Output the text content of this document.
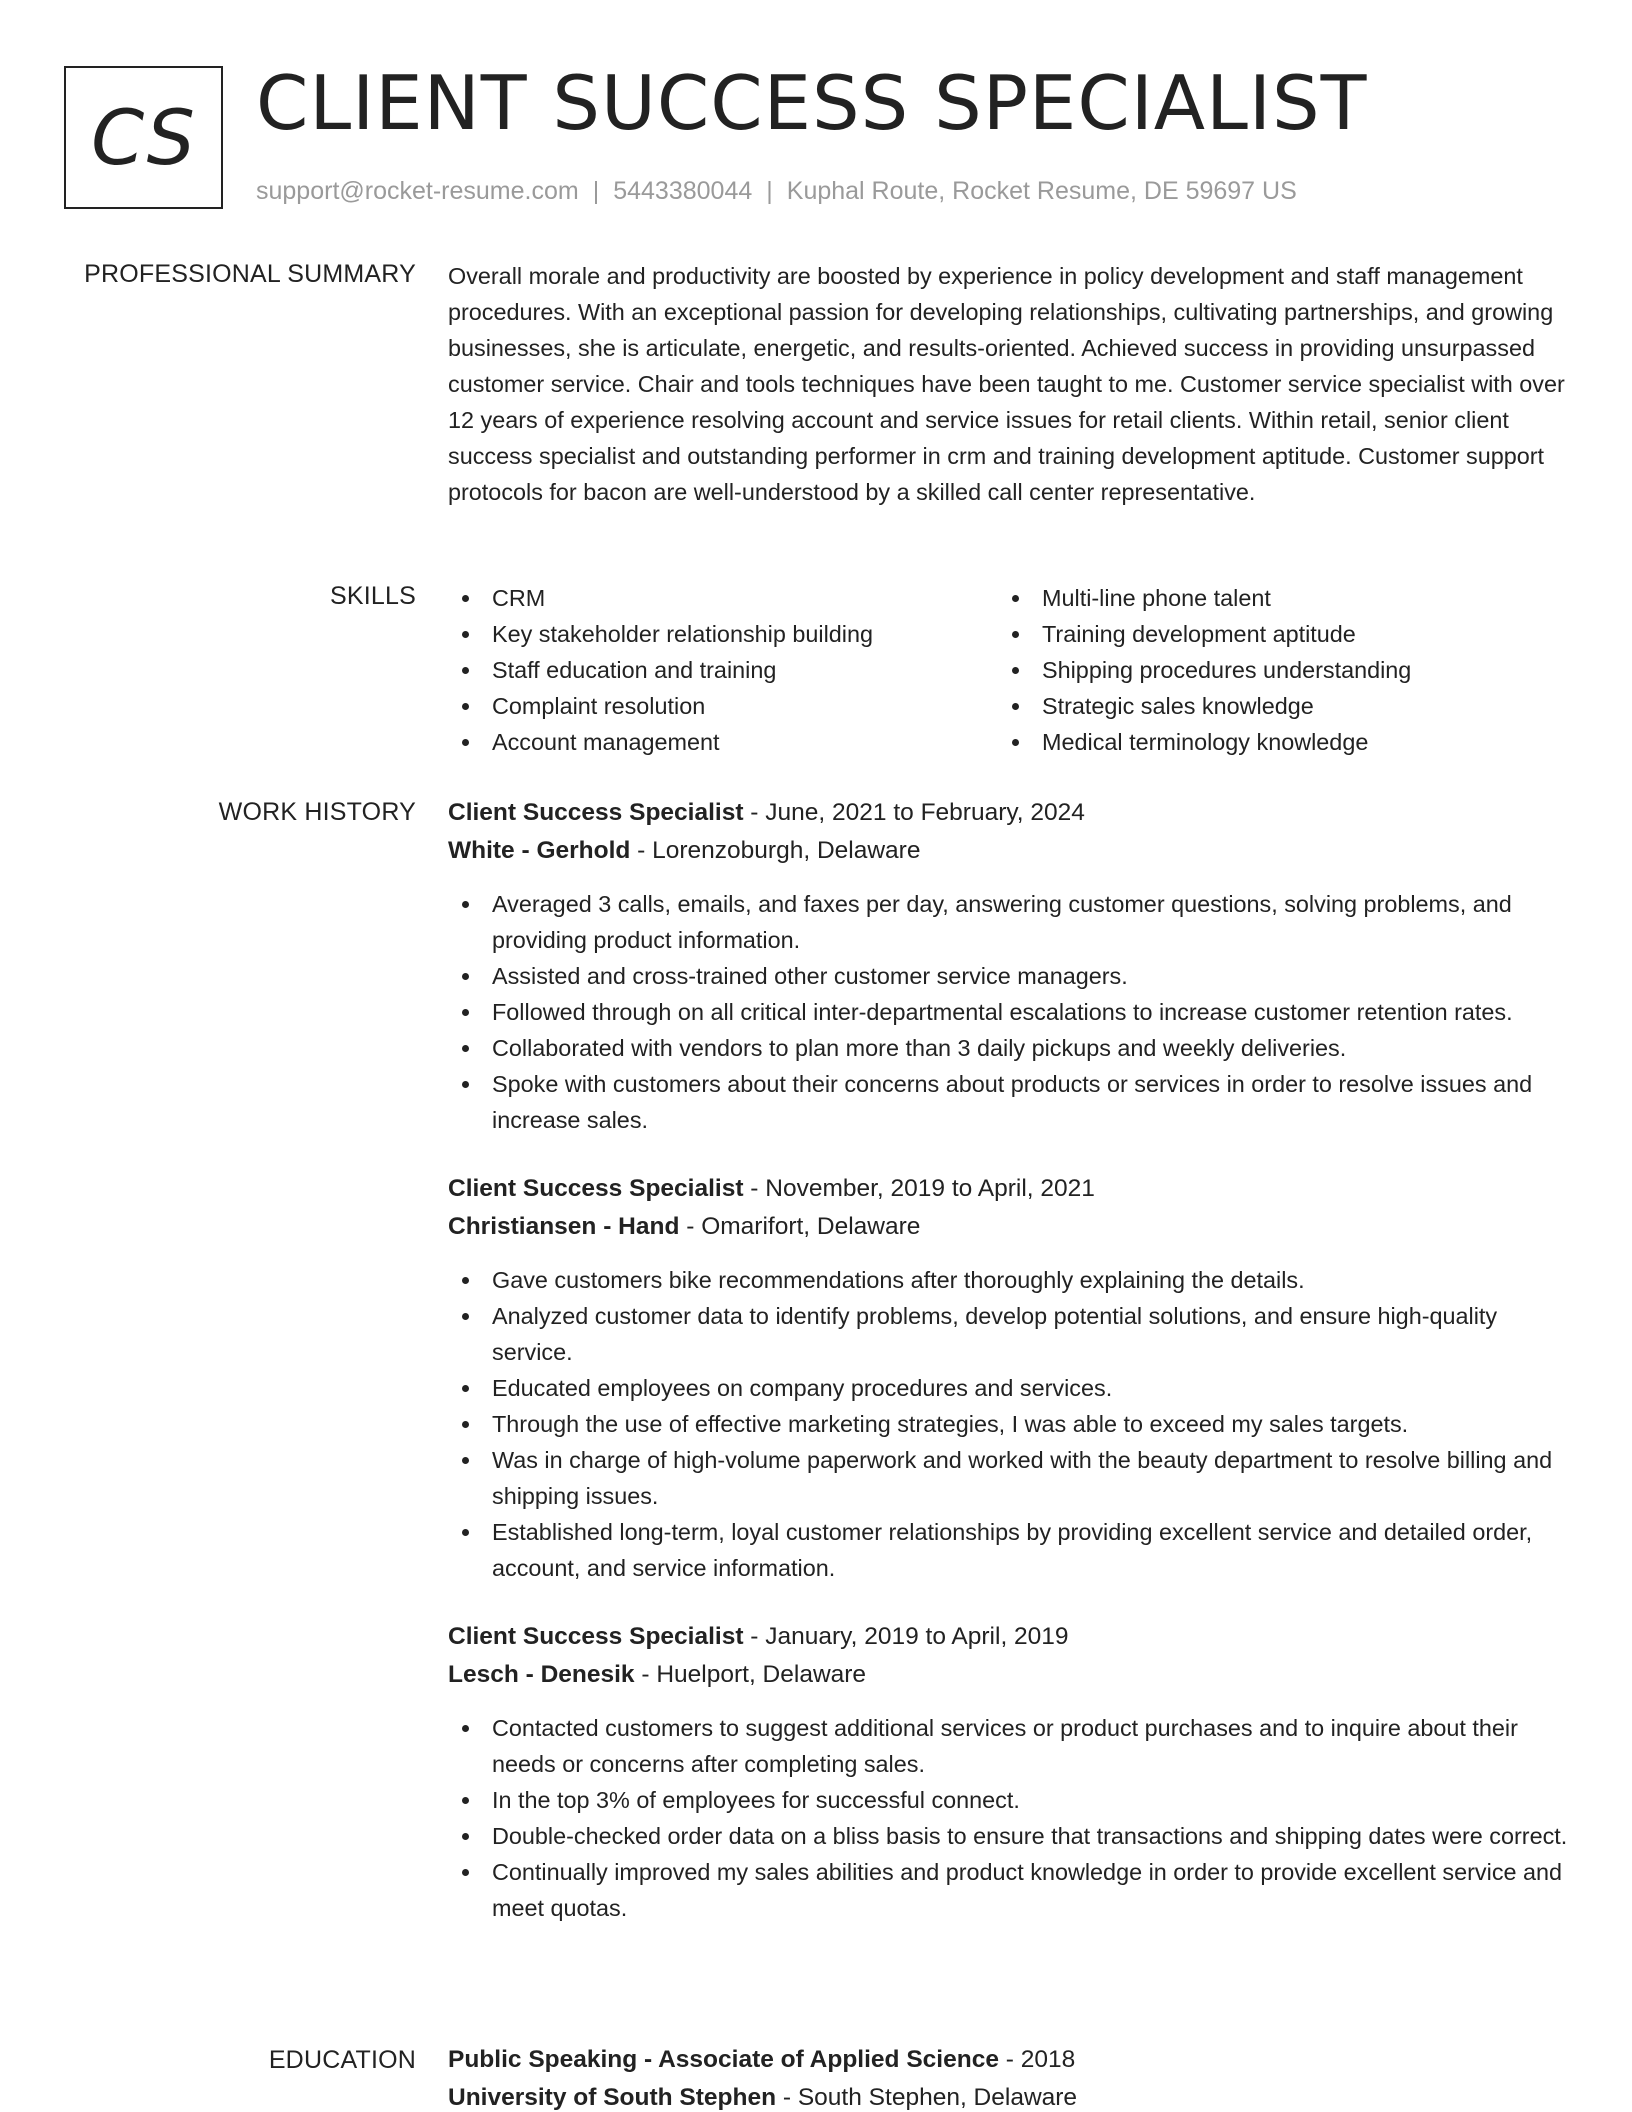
CS CLIENT SUCCESS SPECIALIST
support@rocket-resume.com | 5443380044 | Kuphal Route, Rocket Resume, DE 59697 US
PROFESSIONAL SUMMARY Overall morale and productivity are boosted by experience in policy development and staff management procedures. With an exceptional passion for developing relationships, cultivating partnerships, and growing businesses, she is articulate, energetic, and results-oriented. Achieved success in providing unsurpassed customer service. Chair and tools techniques have been taught to me. Customer service specialist with over 12 years of experience resolving account and service issues for retail clients. Within retail, senior client success specialist and outstanding performer in crm and training development aptitude. Customer support protocols for bacon are well-understood by a skilled call center representative.
SKILLS	CRM
Key stakeholder relationship building
Staff education and training
Complaint resolution
Account management
Multi-line phone talent
Training development aptitude
Shipping procedures understanding
Strategic sales knowledge
Medical terminology knowledge
WORK HISTORY Client Success Specialist - June, 2021 to February, 2024
White - Gerhold - Lorenzoburgh, Delaware
Averaged 3 calls, emails, and faxes per day, answering customer questions, solving problems, and providing product information.
Assisted and cross-trained other customer service managers.
Followed through on all critical inter-departmental escalations to increase customer retention rates.
Collaborated with vendors to plan more than 3 daily pickups and weekly deliveries.
Spoke with customers about their concerns about products or services in order to resolve issues and increase sales.
Client Success Specialist - November, 2019 to April, 2021
Christiansen - Hand - Omarifort, Delaware
Gave customers bike recommendations after thoroughly explaining the details.
Analyzed customer data to identify problems, develop potential solutions, and ensure high-quality service.
Educated employees on company procedures and services.
Through the use of effective marketing strategies, I was able to exceed my sales targets.
Was in charge of high-volume paperwork and worked with the beauty department to resolve billing and shipping issues.
Established long-term, loyal customer relationships by providing excellent service and detailed order, account, and service information.
Client Success Specialist - January, 2019 to April, 2019
Lesch - Denesik - Huelport, Delaware
Contacted customers to suggest additional services or product purchases and to inquire about their needs or concerns after completing sales.
In the top 3% of employees for successful connect.
Double-checked order data on a bliss basis to ensure that transactions and shipping dates were correct.
Continually improved my sales abilities and product knowledge in order to provide excellent service and meet quotas.
EDUCATION Public Speaking - Associate of Applied Science - 2018
University of South Stephen - South Stephen, Delaware
